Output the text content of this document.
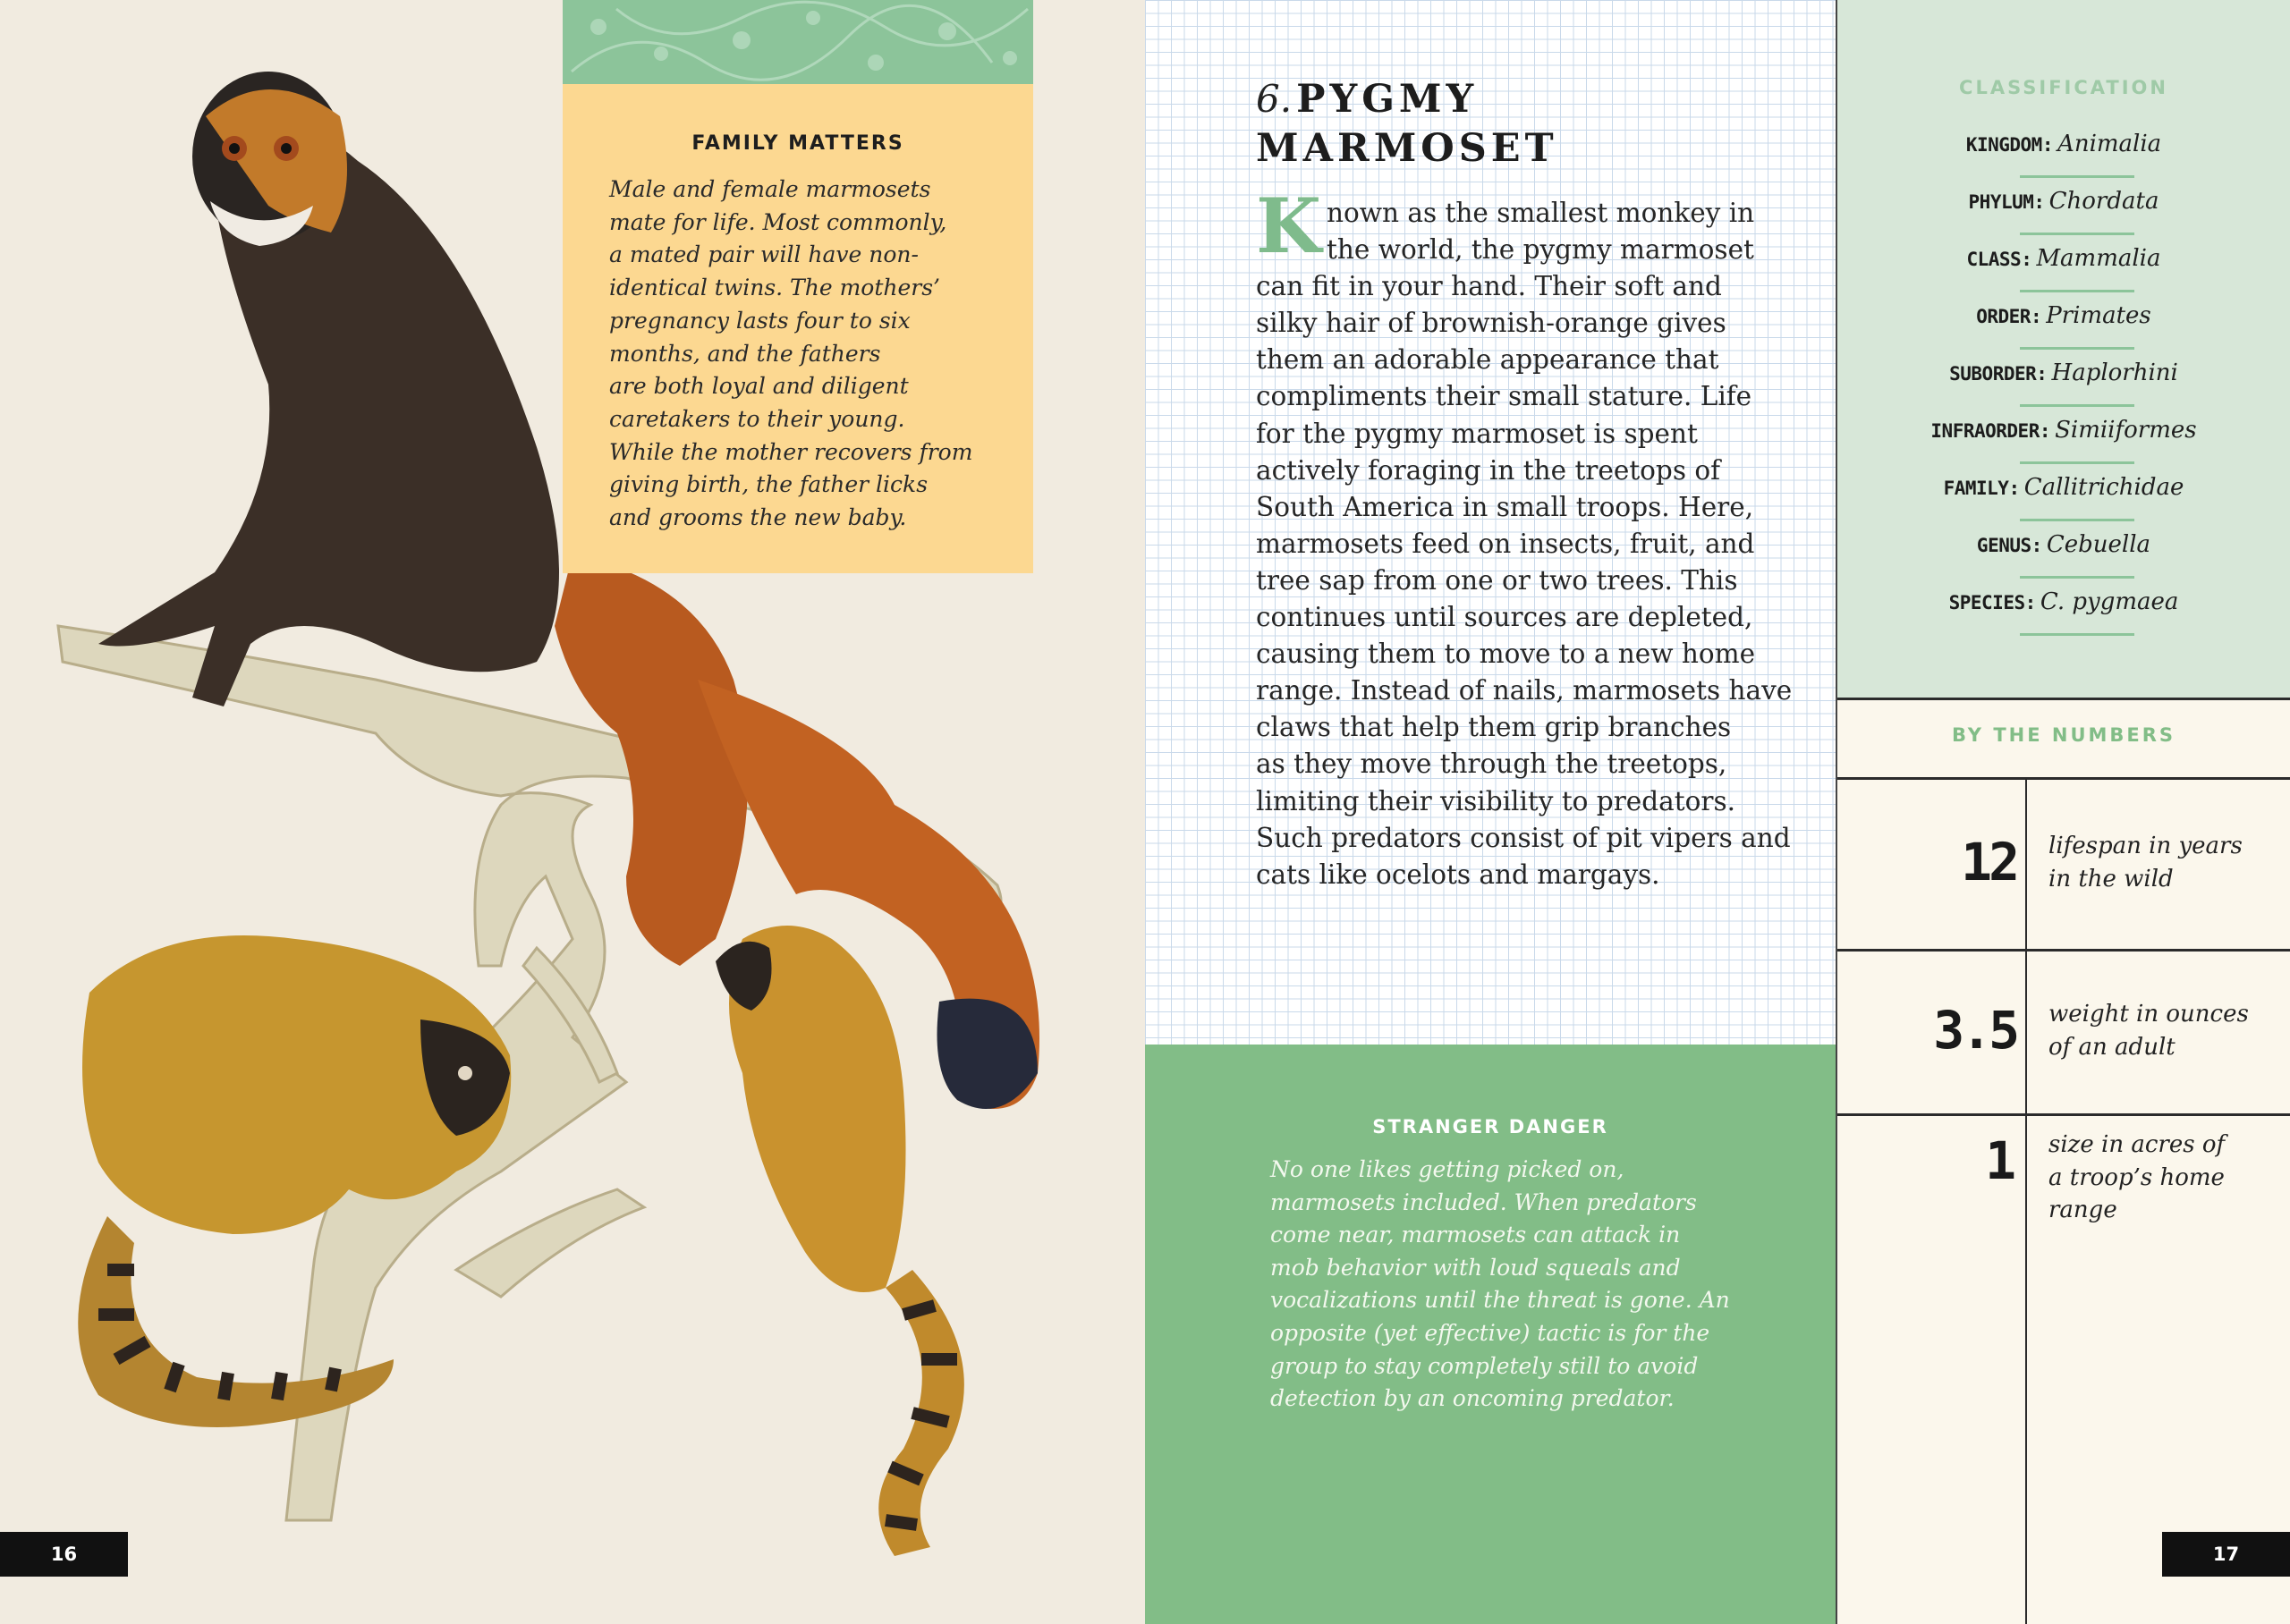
FAMILY MATTERS
Male and female marmosets
mate for life. Most commonly,
a mated pair will have non-
identical twins. The mothers’
pregnancy lasts four to six
months, and the fathers
are both loyal and diligent
caretakers to their young.
While the mother recovers from
giving birth, the father licks
and grooms the new baby.
16
6. PYGMY
MARMOSET
K nown as the smallest monkey in
the world, the pygmy marmoset
can fit in your hand. Their soft and
silky hair of brownish-orange gives
them an adorable appearance that
compliments their small stature. Life
for the pygmy marmoset is spent
actively foraging in the treetops of
South America in small troops. Here,
marmosets feed on insects, fruit, and
tree sap from one or two trees. This
continues until sources are depleted,
causing them to move to a new home
range. Instead of nails, marmosets have
claws that help them grip branches
as they move through the treetops,
limiting their visibility to predators.
Such predators consist of pit vipers and
cats like ocelots and margays.
STRANGER DANGER
No one likes getting picked on,
marmosets included. When predators
come near, marmosets can attack in
mob behavior with loud squeals and
vocalizations until the threat is gone. An
opposite (yet effective) tactic is for the
group to stay completely still to avoid
detection by an oncoming predator.
CLASSIFICATION
KINGDOM: Animalia
PHYLUM: Chordata
CLASS: Mammalia
ORDER: Primates
SUBORDER: Haplorhini
INFRAORDER: Simiiformes
FAMILY: Callitrichidae
GENUS: Cebuella
SPECIES: C. pygmaea
BY THE NUMBERS
12 lifespan in years
in the wild
3.5 weight in ounces
of an adult
1 size in acres of
a troop’s home
range
17
